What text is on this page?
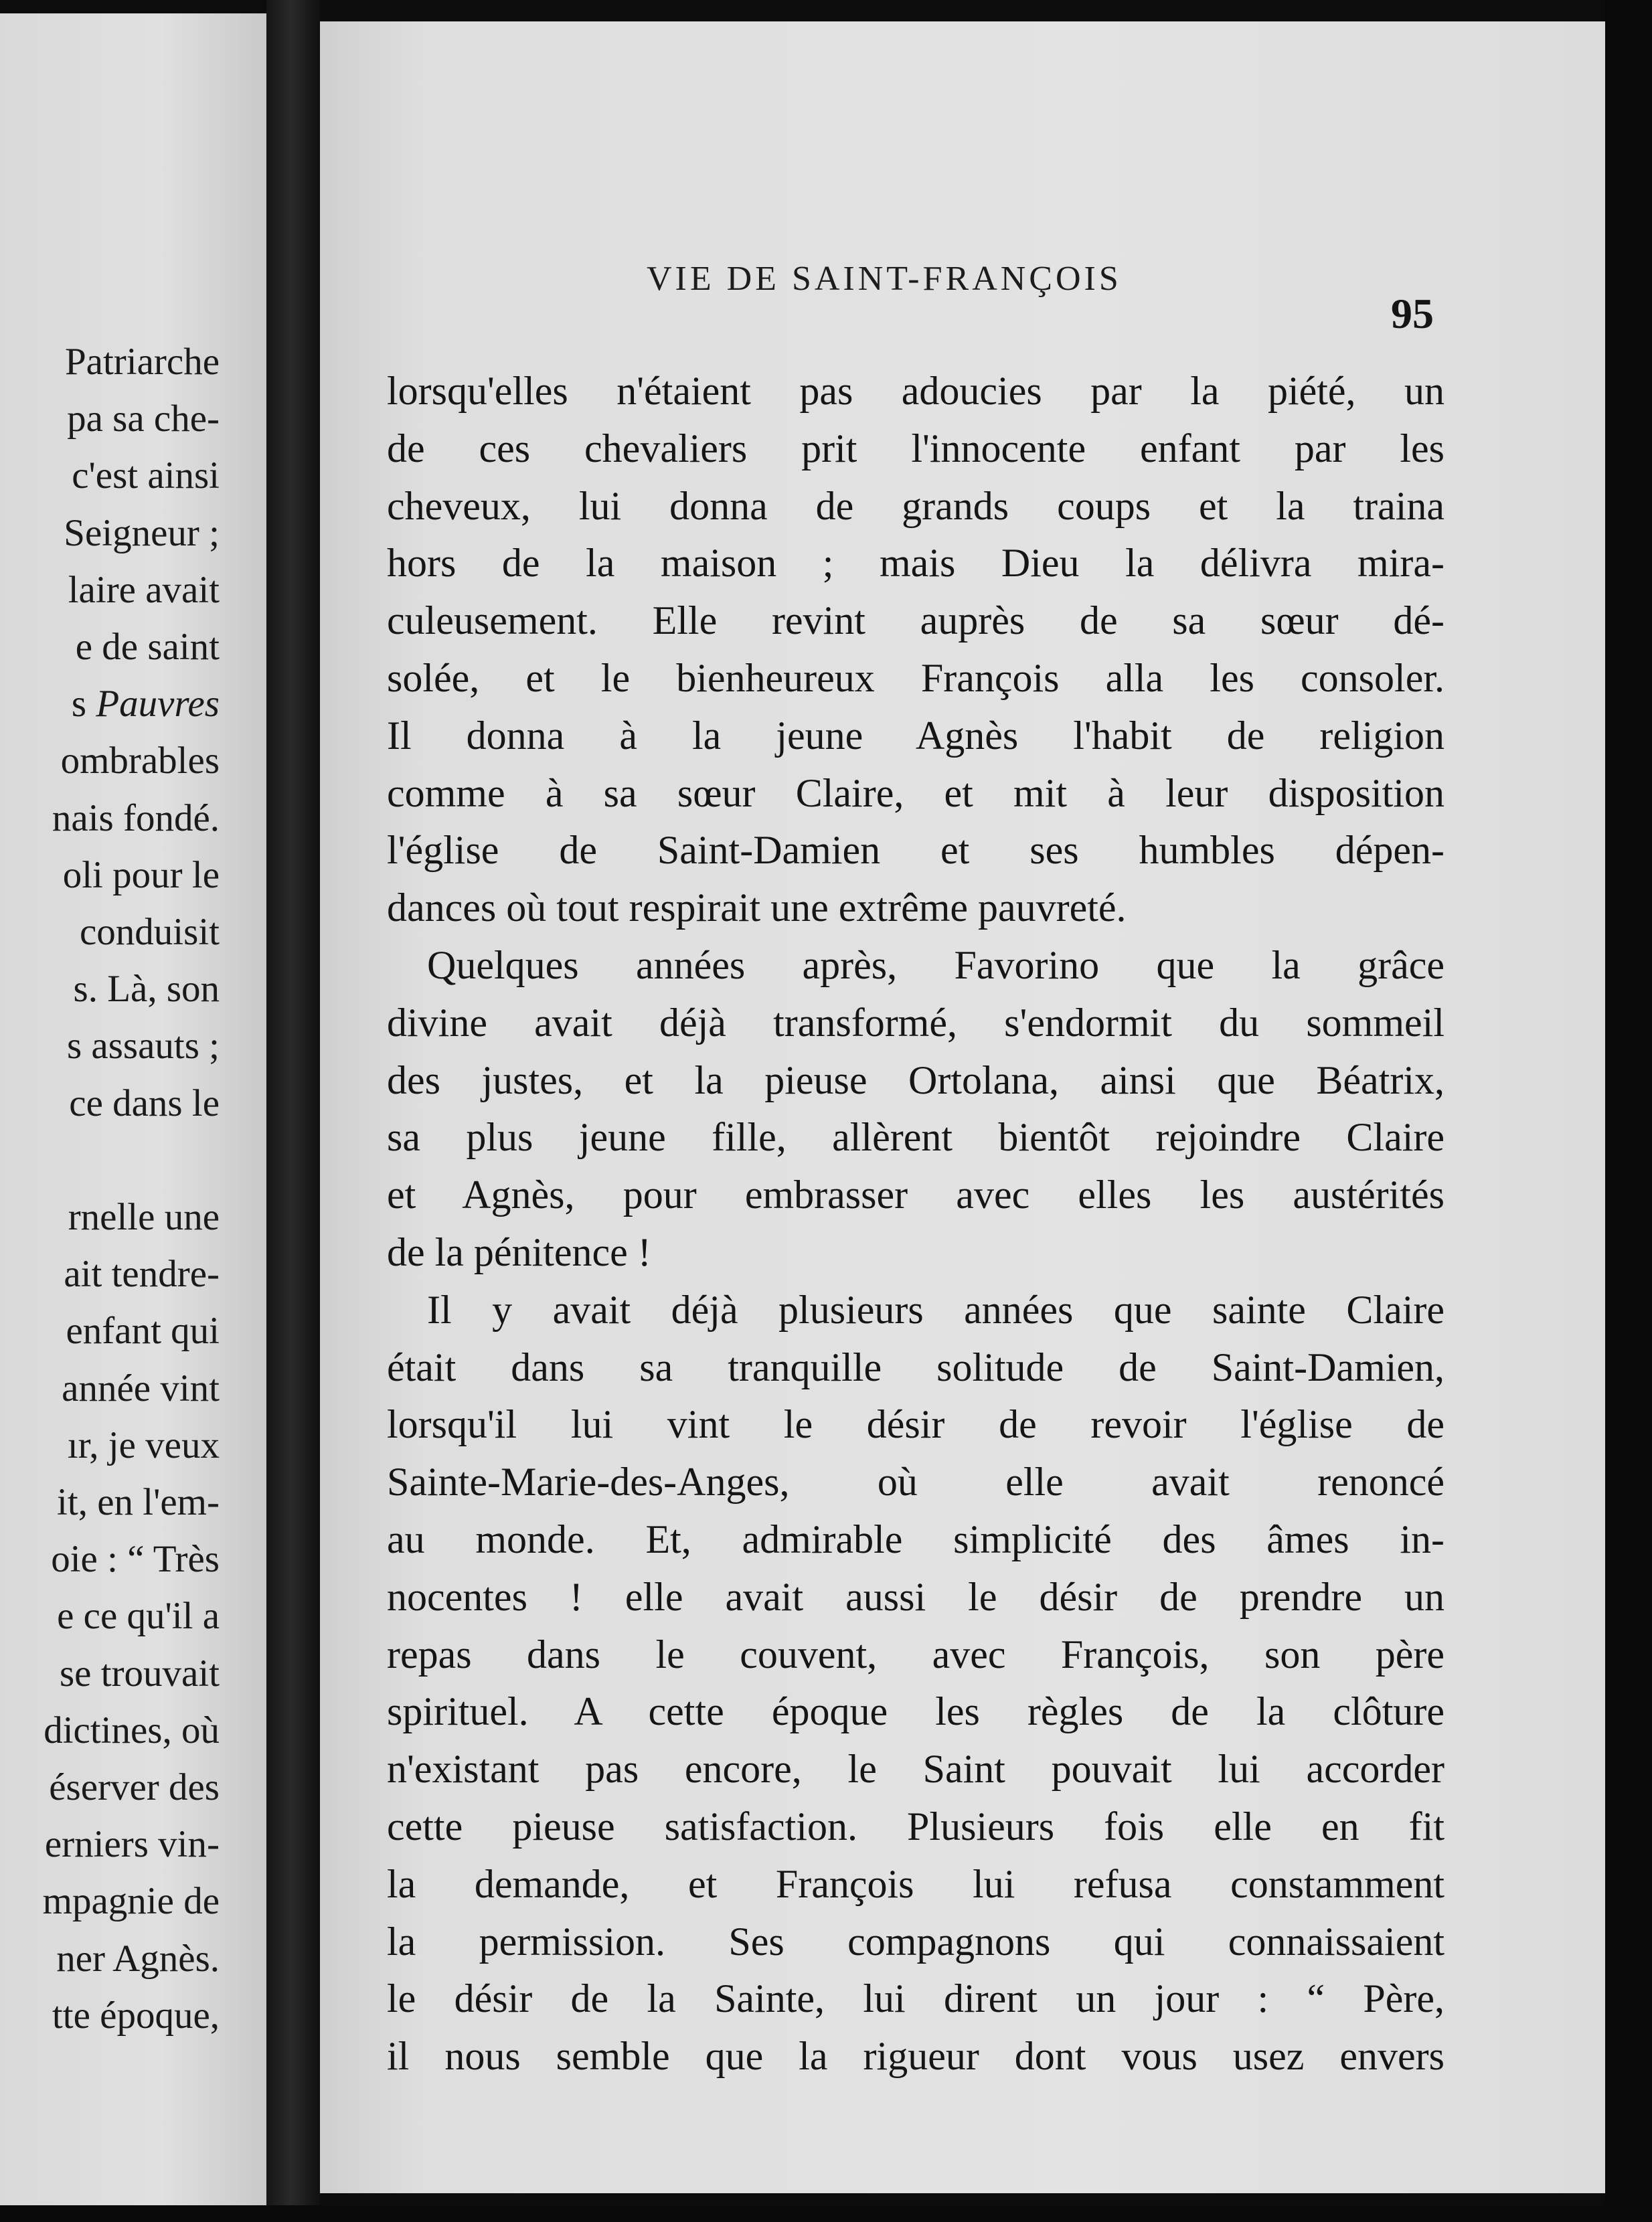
Patriarche
pa sa che-
c'est ainsi
Seigneur ;
laire avait
e de saint
s Pauvres
ombrables
nais fondé.
oli pour le
conduisit
s. Là, son
s assauts ;
ce dans le
rnelle une
ait tendre-
enfant qui
année vint
ır, je veux
it, en l'em-
oie : “ Très
e ce qu'il a
se trouvait
dictines, où
éserver des
erniers vin-
mpagnie de
ner Agnès.
tte époque,
VIE DE SAINT-FRANÇOIS
95
lorsqu'elles n'étaient pas adoucies par la piété, un
de ces chevaliers prit l'innocente enfant par les
cheveux, lui donna de grands coups et la traina
hors de la maison ; mais Dieu la délivra mira-
culeusement. Elle revint auprès de sa sœur dé-
solée, et le bienheureux François alla les consoler.
Il donna à la jeune Agnès l'habit de religion
comme à sa sœur Claire, et mit à leur disposition
l'église de Saint-Damien et ses humbles dépen-
dances où tout respirait une extrême pauvreté.
Quelques années après, Favorino que la grâce
divine avait déjà transformé, s'endormit du sommeil
des justes, et la pieuse Ortolana, ainsi que Béatrix,
sa plus jeune fille, allèrent bientôt rejoindre Claire
et Agnès, pour embrasser avec elles les austérités
de la pénitence !
Il y avait déjà plusieurs années que sainte Claire
était dans sa tranquille solitude de Saint-Damien,
lorsqu'il lui vint le désir de revoir l'église de
Sainte-Marie-des-Anges, où elle avait renoncé
au monde. Et, admirable simplicité des âmes in-
nocentes ! elle avait aussi le désir de prendre un
repas dans le couvent, avec François, son père
spirituel. A cette époque les règles de la clôture
n'existant pas encore, le Saint pouvait lui accorder
cette pieuse satisfaction. Plusieurs fois elle en fit
la demande, et François lui refusa constamment
la permission. Ses compagnons qui connaissaient
le désir de la Sainte, lui dirent un jour : “ Père,
il nous semble que la rigueur dont vous usez envers
